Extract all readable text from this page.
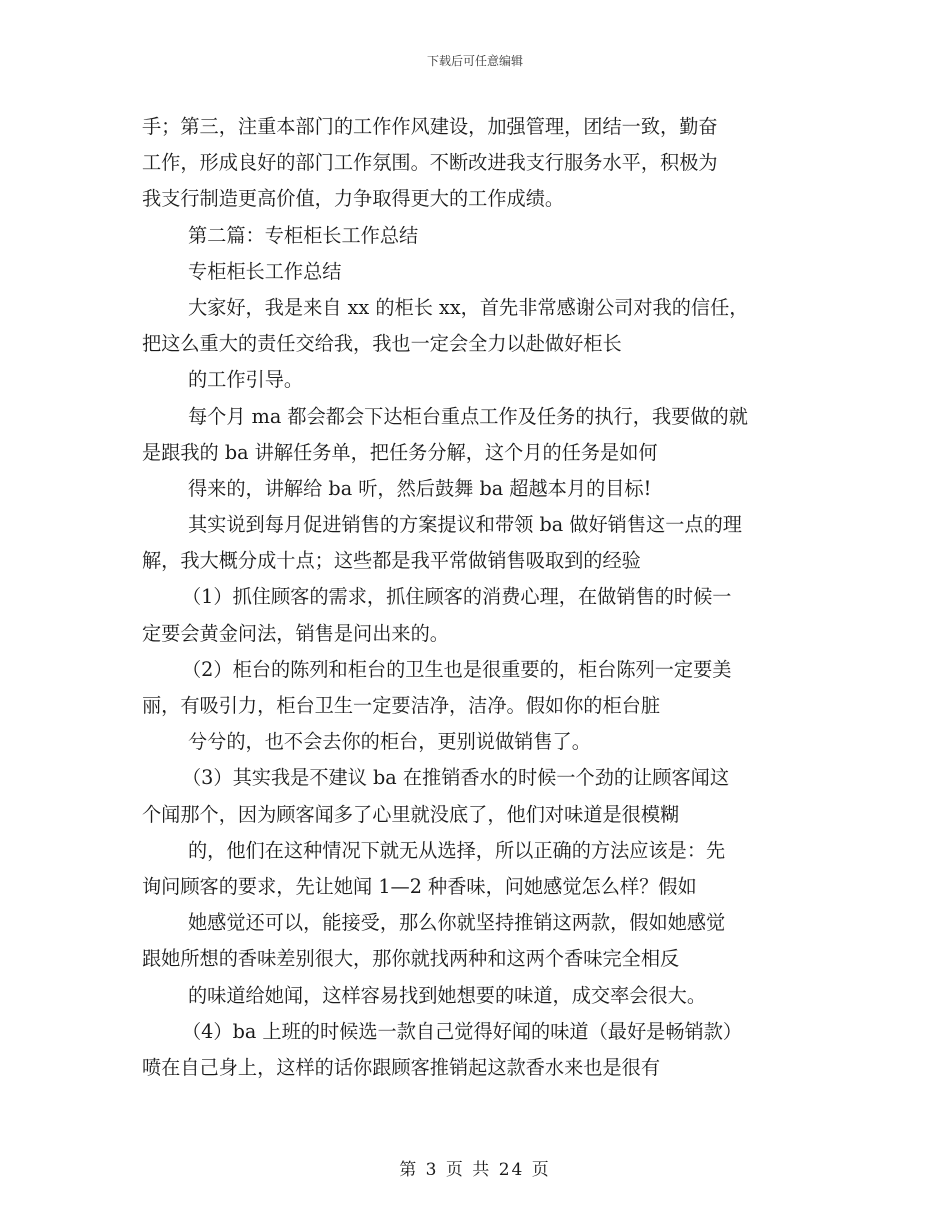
下载后可任意编辑
手；第三，注重本部门的工作作风建设，加强管理，团结一致，勤奋
工作，形成良好的部门工作氛围。不断改进我支行服务水平，积极为
我支行制造更高价值，力争取得更大的工作成绩。
第二篇：专柜柜长工作总结
专柜柜长工作总结
大家好，我是来自 xx 的柜长 xx，首先非常感谢公司对我的信任，
把这么重大的责任交给我，我也一定会全力以赴做好柜长
的工作引导。
每个月 ma 都会都会下达柜台重点工作及任务的执行，我要做的就
是跟我的 ba 讲解任务单，把任务分解，这个月的任务是如何
得来的，讲解给 ba 听，然后鼓舞 ba 超越本月的目标!
其实说到每月促进销售的方案提议和带领 ba 做好销售这一点的理
解，我大概分成十点；这些都是我平常做销售吸取到的经验
（1）抓住顾客的需求，抓住顾客的消费心理，在做销售的时候一
定要会黄金问法，销售是问出来的。
（2）柜台的陈列和柜台的卫生也是很重要的，柜台陈列一定要美
丽，有吸引力，柜台卫生一定要洁净，洁净。假如你的柜台脏
兮兮的，也不会去你的柜台，更别说做销售了。
（3）其实我是不建议 ba 在推销香水的时候一个劲的让顾客闻这
个闻那个，因为顾客闻多了心里就没底了，他们对味道是很模糊
的，他们在这种情况下就无从选择，所以正确的方法应该是：先
询问顾客的要求，先让她闻 1—2 种香味，问她感觉怎么样？假如
她感觉还可以，能接受，那么你就坚持推销这两款，假如她感觉
跟她所想的香味差别很大，那你就找两种和这两个香味完全相反
的味道给她闻，这样容易找到她想要的味道，成交率会很大。
（4）ba 上班的时候选一款自己觉得好闻的味道（最好是畅销款）
喷在自己身上，这样的话你跟顾客推销起这款香水来也是很有
第 3 页 共 24 页
